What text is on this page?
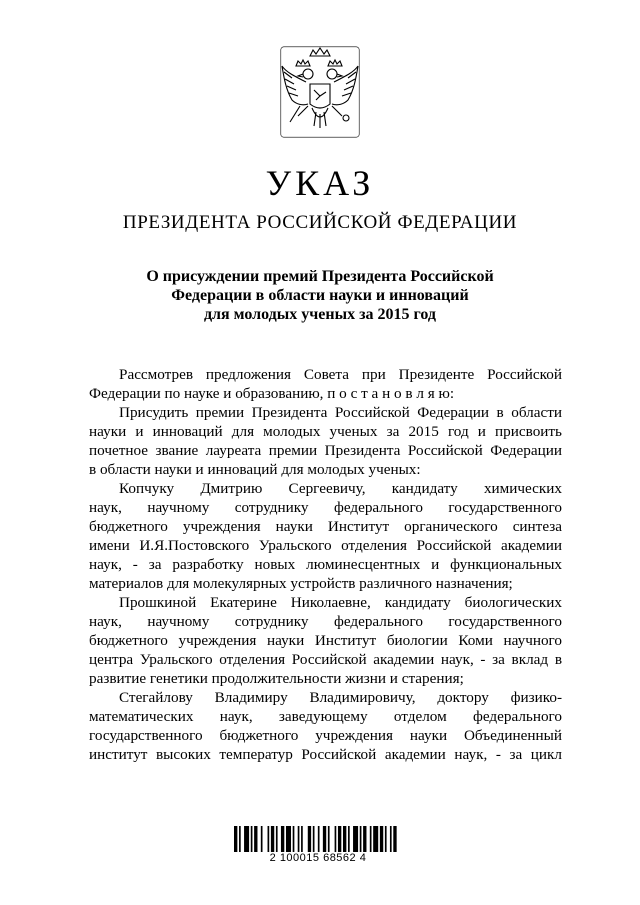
УКАЗ
ПРЕЗИДЕНТА РОССИЙСКОЙ ФЕДЕРАЦИИ
О присуждении премий Президента Российской
Федерации в области науки и инноваций
для молодых ученых за 2015 год
Рассмотрев предложения Совета при Президенте Российской
Федерации по науке и образованию, п о с т а н о в л я ю:
Присудить премии Президента Российской Федерации в области
науки и инноваций для молодых ученых за 2015 год и присвоить
почетное звание лауреата премии Президента Российской Федерации
в области науки и инноваций для молодых ученых:
Копчуку Дмитрию Сергеевичу, кандидату химических
наук, научному сотруднику федерального государственного
бюджетного учреждения науки Институт органического синтеза
имени И.Я.Постовского Уральского отделения Российской академии
наук, - за разработку новых люминесцентных и функциональных
материалов для молекулярных устройств различного назначения;
Прошкиной Екатерине Николаевне, кандидату биологических
наук, научному сотруднику федерального государственного
бюджетного учреждения науки Институт биологии Коми научного
центра Уральского отделения Российской академии наук, - за вклад в
развитие генетики продолжительности жизни и старения;
Стегайлову Владимиру Владимировичу, доктору физико-
математических наук, заведующему отделом федерального
государственного бюджетного учреждения науки Объединенный
институт высоких температур Российской академии наук, - за цикл
2 100015 68562 4
